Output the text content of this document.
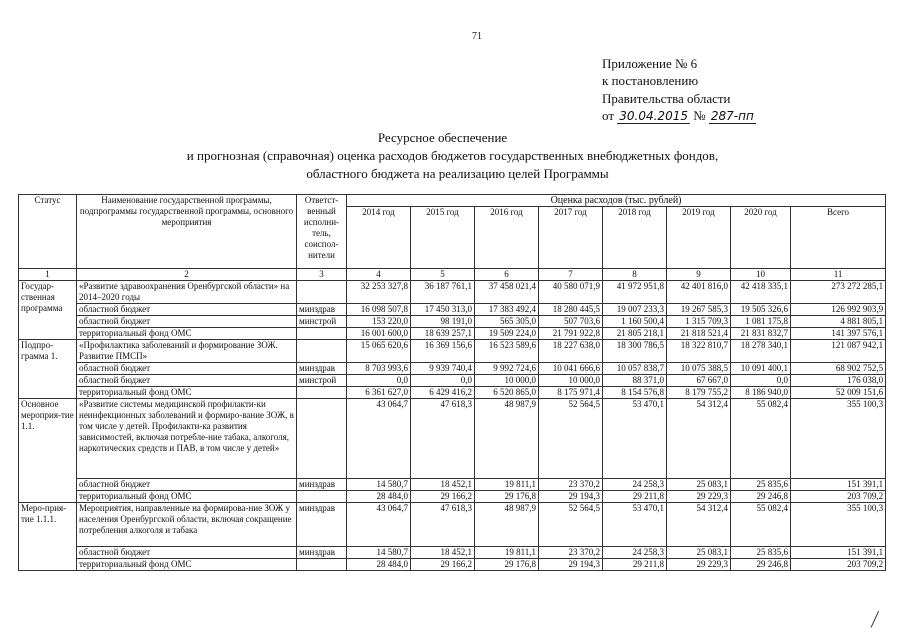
71
Приложение № 6
к постановлению
Правительства области
от 30.04.2015 № 287-пп
Ресурсное обеспечение
и прогнозная (справочная) оценка расходов бюджетов государственных внебюджетных фондов,
областного бюджета на реализацию целей Программы
Статус	Наименование государственной программы, подпрограммы государственной программы, основного мероприятия	Ответст-венный исполни-тель, соиспол-нители	Оценка расходов (тыс. рублей)							
			2014 год	2015 год	2016 год	2017 год	2018 год	2019 год	2020 год	Всего
1	2	3	4	5	6	7	8	9	10	11
Государ-ственная программа	«Развитие здравоохранения Оренбургской области» на 2014–2020 годы		32 253 327,8	36 187 761,1	37 458 021,4	40 580 071,9	41 972 951,8	42 401 816,0	42 418 335,1	273 272 285,1
	областной бюджет	минздрав	16 098 507,8	17 450 313,0	17 383 492,4	18 280 445,5	19 007 233,3	19 267 585,3	19 505 326,6	126 992 903,9
	областной бюджет	минстрой	153 220,0	98 191,0	565 305,0	507 703,6	1 160 500,4	1 315 709,3	1 081 175,8	4 881 805,1
	территориальный фонд ОМС		16 001 600,0	18 639 257,1	19 509 224,0	21 791 922,8	21 805 218,1	21 818 521,4	21 831 832,7	141 397 576,1
Подпро-грамма 1.	«Профилактика заболеваний и формирование ЗОЖ. Развитие ПМСП»		15 065 620,6	16 369 156,6	16 523 589,6	18 227 638,0	18 300 786,5	18 322 810,7	18 278 340,1	121 087 942,1
	областной бюджет	минздрав	8 703 993,6	9 939 740,4	9 992 724,6	10 041 666,6	10 057 838,7	10 075 388,5	10 091 400,1	68 902 752,5
	областной бюджет	минстрой	0,0	0,0	10 000,0	10 000,0	88 371,0	67 667,0	0,0	176 038,0
	территориальный фонд ОМС		6 361 627,0	6 429 416,2	6 520 865,0	8 175 971,4	8 154 576,8	8 179 755,2	8 186 940,0	52 009 151,6
Основное мероприя-тие 1.1.	«Развитие системы медицинской профилакти-ки неинфекционных заболеваний и формиро-вание ЗОЖ, в том числе у детей. Профилакти-ка развития зависимостей, включая потребле-ние табака, алкоголя, наркотических средств и ПАВ, в том числе у детей»		43 064,7	47 618,3	48 987,9	52 564,5	53 470,1	54 312,4	55 082,4	355 100,3
	областной бюджет	минздрав	14 580,7	18 452,1	19 811,1	23 370,2	24 258,3	25 083,1	25 835,6	151 391,1
	территориальный фонд ОМС		28 484,0	29 166,2	29 176,8	29 194,3	29 211,8	29 229,3	29 246,8	203 709,2
Меро-прия-тие 1.1.1.	Мероприятия, направленные на формирова-ние ЗОЖ у населения Оренбургской области, включая сокращение потребления алкоголя и табака	минздрав	43 064,7	47 618,3	48 987,9	52 564,5	53 470,1	54 312,4	55 082,4	355 100,3
	областной бюджет	минздрав	14 580,7	18 452,1	19 811,1	23 370,2	24 258,3	25 083,1	25 835,6	151 391,1
	территориальный фонд ОМС		28 484,0	29 166,2	29 176,8	29 194,3	29 211,8	29 229,3	29 246,8	203 709,2
